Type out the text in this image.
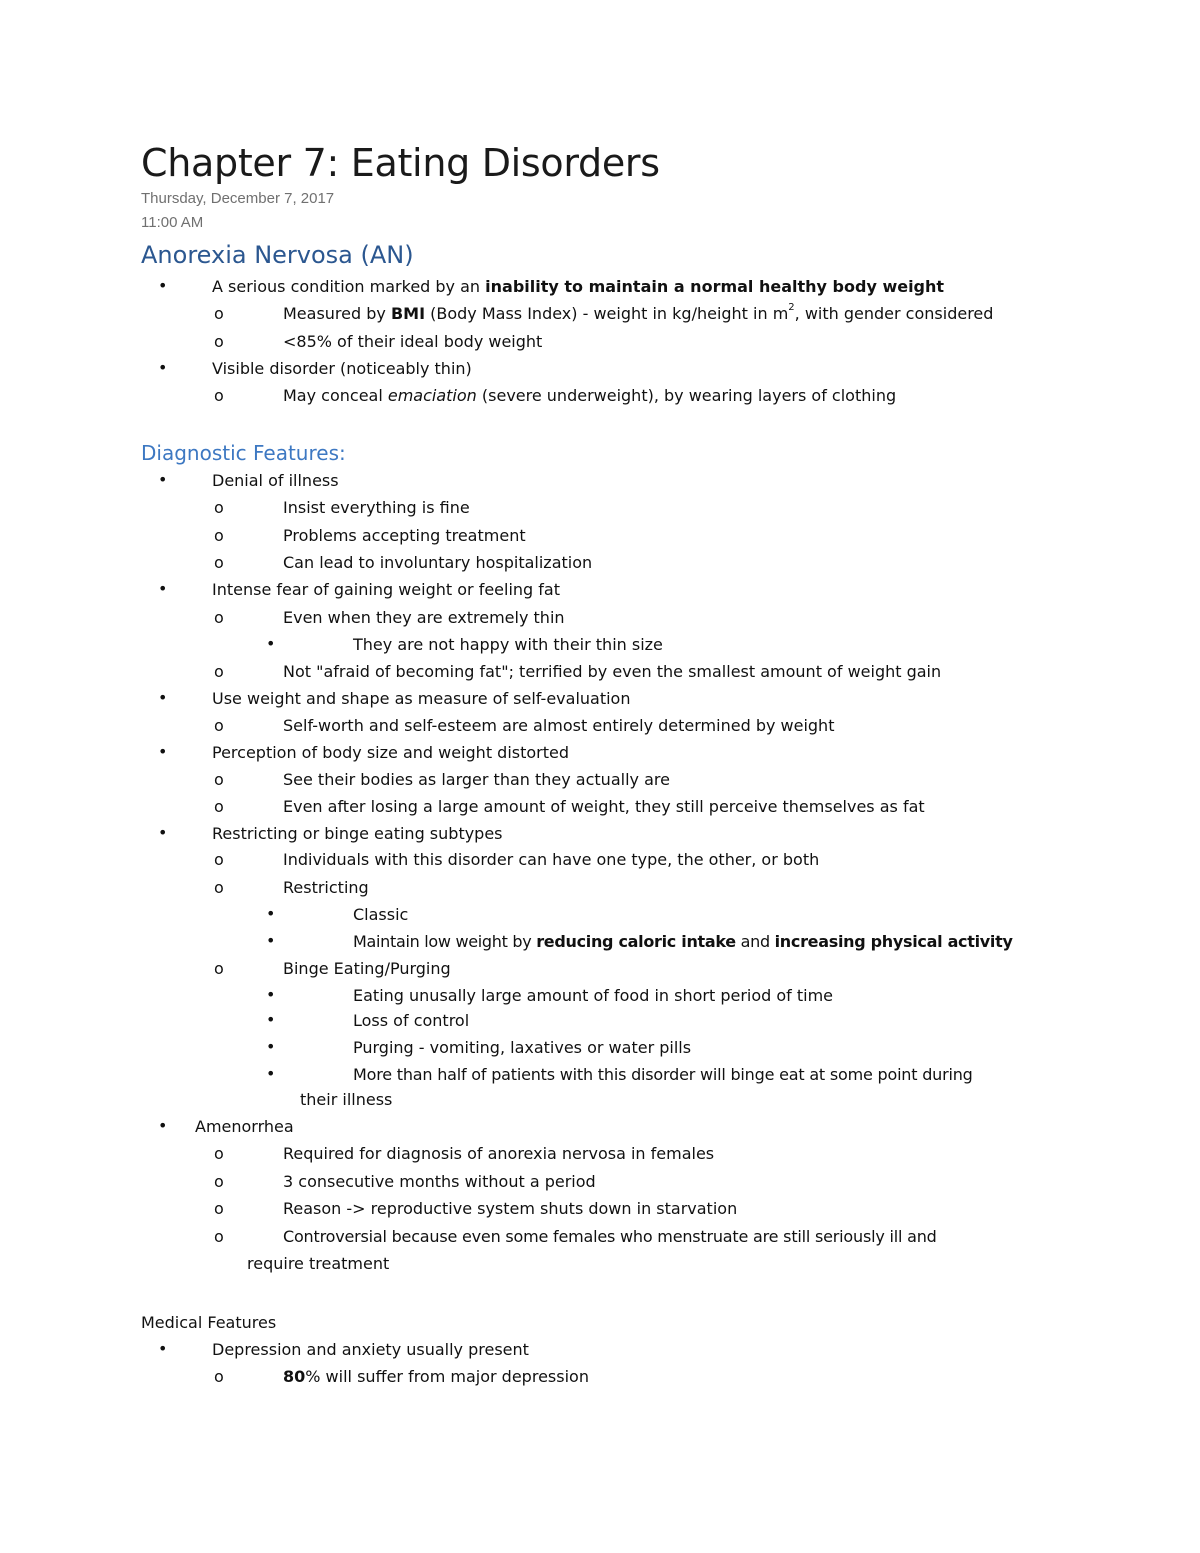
Chapter 7: Eating Disorders
Thursday, December 7, 2017
11:00 AM
Anorexia Nervosa (AN)
•	A serious condition marked by an inability to maintain a normal healthy body weight
o	Measured by BMI (Body Mass Index) - weight in kg/height in $m^2$, with gender considered
o	<85% of their ideal body weight
•	Visible disorder (noticeably thin)
o	May conceal emaciation (severe underweight), by wearing layers of clothing
Diagnostic Features:
•	Denial of illness
o	Insist everything is fine
o	Problems accepting treatment
o	Can lead to involuntary hospitalization
•	Intense fear of gaining weight or feeling fat
o	Even when they are extremely thin
•	They are not happy with their thin size
o	Not "afraid of becoming fat"; terrified by even the smallest amount of weight gain
•	Use weight and shape as measure of self-evaluation
o	Self-worth and self-esteem are almost entirely determined by weight
•	Perception of body size and weight distorted
o	See their bodies as larger than they actually are
o	Even after losing a large amount of weight, they still perceive themselves as fat
•	Restricting or binge eating subtypes
o	Individuals with this disorder can have one type, the other, or both
o	Restricting
•	Classic
•	Maintain low weight by reducing caloric intake and increasing physical activity
o	Binge Eating/Purging
•	Eating unusally large amount of food in short period of time
•	Loss of control
•	Purging - vomiting, laxatives or water pills
•	More than half of patients with this disorder will binge eat at some point during
their illness
• Amenorrhea
o	Required for diagnosis of anorexia nervosa in females
o	3 consecutive months without a period
o	Reason -> reproductive system shuts down in starvation
o	Controversial because even some females who menstruate are still seriously ill and
require treatment
Medical Features
•	Depression and anxiety usually present
o	80% will suffer from major depression
